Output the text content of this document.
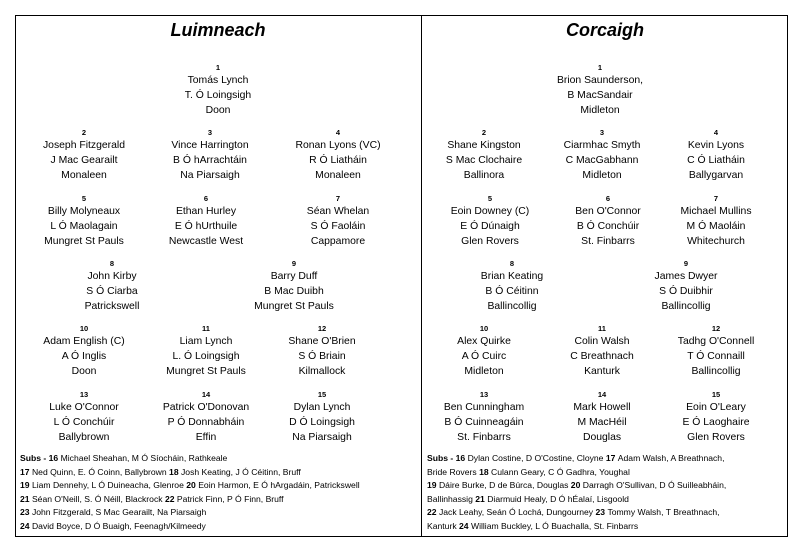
Luimneach	Corcaigh
1
Tomás Lynch
T. Ó Loingsigh
Doon
2
Joseph Fitzgerald
J Mac Gearailt
Monaleen
3
Vince Harrington
B Ó hArrachtáin
Na Piarsaigh
4
Ronan Lyons (VC)
R Ó Liatháin
Monaleen
5
Billy Molyneaux
L Ó Maolagain
Mungret St Pauls
6
Ethan Hurley
E Ó hUrthuile
Newcastle West
7
Séan Whelan
S Ó Faoláin
Cappamore
8
John Kirby
S Ó Ciarba
Patrickswell
9
Barry Duff
B Mac Duibh
Mungret St Pauls
10
Adam English (C)
A Ó Inglis
Doon
11
Liam Lynch
L. Ó Loingsigh
Mungret St Pauls
12
Shane O'Brien
S Ó Briain
Kilmallock
13
Luke O'Connor
L Ó Conchúir
Ballybrown
14
Patrick O'Donovan
P Ó Donnabháin
Effin
15
Dylan Lynch
D Ó Loingsigh
Na Piarsaigh
1
Brion Saunderson,
B MacSandair
Midleton
2
Shane Kingston
S Mac Clochaire
Ballinora
3
Ciarmhac Smyth
C MacGabhann
Midleton
4
Kevin Lyons
C Ó Liatháin
Ballygarvan
5
Eoin Downey (C)
E Ó Dúnaigh
Glen Rovers
6
Ben O'Connor
B Ó Conchúir
St. Finbarrs
7
Michael Mullins
M Ó Maoláin
Whitechurch
8
Brian Keating
B Ó Céitinn
Ballincollig
9
James Dwyer
S Ó Duibhir
Ballincollig
10
Alex Quirke
A Ó Cuirc
Midleton
11
Colin Walsh
C Breathnach
Kanturk
12
Tadhg O'Connell
T Ó Connaill
Ballincollig
13
Ben Cunningham
B Ó Cuinneagáin
St. Finbarrs
14
Mark Howell
M MacHéil
Douglas
15
Eoin O'Leary
E Ó Laoghaire
Glen Rovers
Subs - 16 Michael Sheahan, M Ó Síocháin, Rathkeale
17 Ned Quinn, E. Ó Coinn, Ballybrown 18 Josh Keating, J Ó Céitinn, Bruff
19 Liam Dennehy, L Ó Duineacha, Glenroe 20 Eoin Harmon, E Ó hArgadáin, Patrickswell
21 Séan O'Neill, S. Ó Néill, Blackrock 22 Patrick Finn, P Ó Finn, Bruff
23 John Fitzgerald, S Mac Gearailt, Na Piarsaigh
24 David Boyce, D Ó Buaigh, Feenagh/Kilmeedy
Subs - 16 Dylan Costine, D O'Costine, Cloyne 17 Adam Walsh, A Breathnach,
Bride Rovers 18 Culann Geary, C Ó Gadhra, Youghal
19 Dáire Burke, D de Búrca, Douglas 20 Darragh O'Sullivan, D Ó Suilleabháin,
Ballinhassig 21 Diarmuid Healy, D Ó hÉalaí, Lisgoold
22 Jack Leahy, Seán Ó Lochá, Dungourney 23 Tommy Walsh, T Breathnach,
Kanturk 24 William Buckley, L Ó Buachalla, St. Finbarrs
